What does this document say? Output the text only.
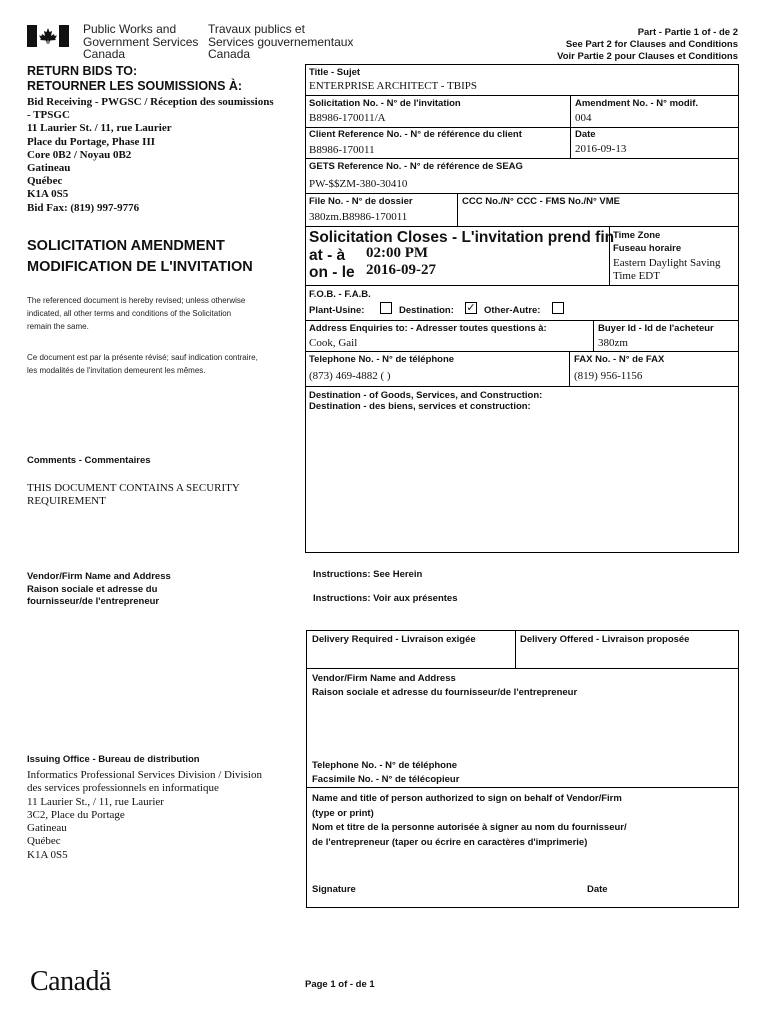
Public Works and
Government Services
Canada
Travaux publics et
Services gouvernementaux
Canada
Part - Partie 1 of - de 2
See Part 2 for Clauses and Conditions
Voir Partie 2 pour Clauses et Conditions
RETURN BIDS TO:
RETOURNER LES SOUMISSIONS À:
Bid Receiving - PWGSC / Réception des soumissions
- TPSGC
11 Laurier St. / 11, rue Laurier
Place du Portage, Phase III
Core 0B2 / Noyau 0B2
Gatineau
Québec
K1A 0S5
Bid Fax: (819) 997-9776
SOLICITATION AMENDMENT
MODIFICATION DE L'INVITATION
The referenced document is hereby revised; unless otherwise
indicated, all other terms and conditions of the Solicitation
remain the same.
Ce document est par la présente révisé; sauf indication contraire,
les modalités de l'invitation demeurent les mêmes.
Comments - Commentaires
THIS DOCUMENT CONTAINS A SECURITY
REQUIREMENT
Vendor/Firm Name and Address
Raison sociale et adresse du
fournisseur/de l'entrepreneur
Issuing Office - Bureau de distribution
Informatics Professional Services Division / Division
des services professionnels en informatique
11 Laurier St., / 11, rue Laurier
3C2, Place du Portage
Gatineau
Québec
K1A 0S5
Title - Sujet
ENTERPRISE ARCHITECT - TBIPS
Solicitation No. - N° de l'invitation
B8986-170011/A
Amendment No. - N° modif.
004
Client Reference No. - N° de référence du client
B8986-170011
Date
2016-09-13
GETS Reference No. - N° de référence de SEAG
PW-$$ZM-380-30410
File No. - N° de dossier
380zm.B8986-170011
CCC No./N° CCC - FMS No./N° VME
Solicitation Closes - L'invitation prend fin
at - à 02:00 PM
on - le 2016-09-27
Time Zone
Fuseau horaire
Eastern Daylight Saving
Time EDT
F.O.B. - F.A.B.
Plant-Usine:	Destination: ✓ Other-Autre:
Address Enquiries to: - Adresser toutes questions à:
Cook, Gail
Buyer Id - Id de l'acheteur
380zm
Telephone No. - N° de téléphone
(873) 469-4882 ( )
FAX No. - N° de FAX
(819) 956-1156
Destination - of Goods, Services, and Construction:
Destination - des biens, services et construction:
Instructions: See Herein
Instructions: Voir aux présentes
Delivery Required - Livraison exigée	Delivery Offered - Livraison proposée
Vendor/Firm Name and Address
Raison sociale et adresse du fournisseur/de l'entrepreneur
Telephone No. - N° de téléphone
Facsimile No. - N° de télécopieur
Name and title of person authorized to sign on behalf of Vendor/Firm
(type or print)
Nom et titre de la personne autorisée à signer au nom du fournisseur/
de l'entrepreneur (taper ou écrire en caractères d'imprimerie)
Signature	Date
Canadä	Page 1 of - de 1
